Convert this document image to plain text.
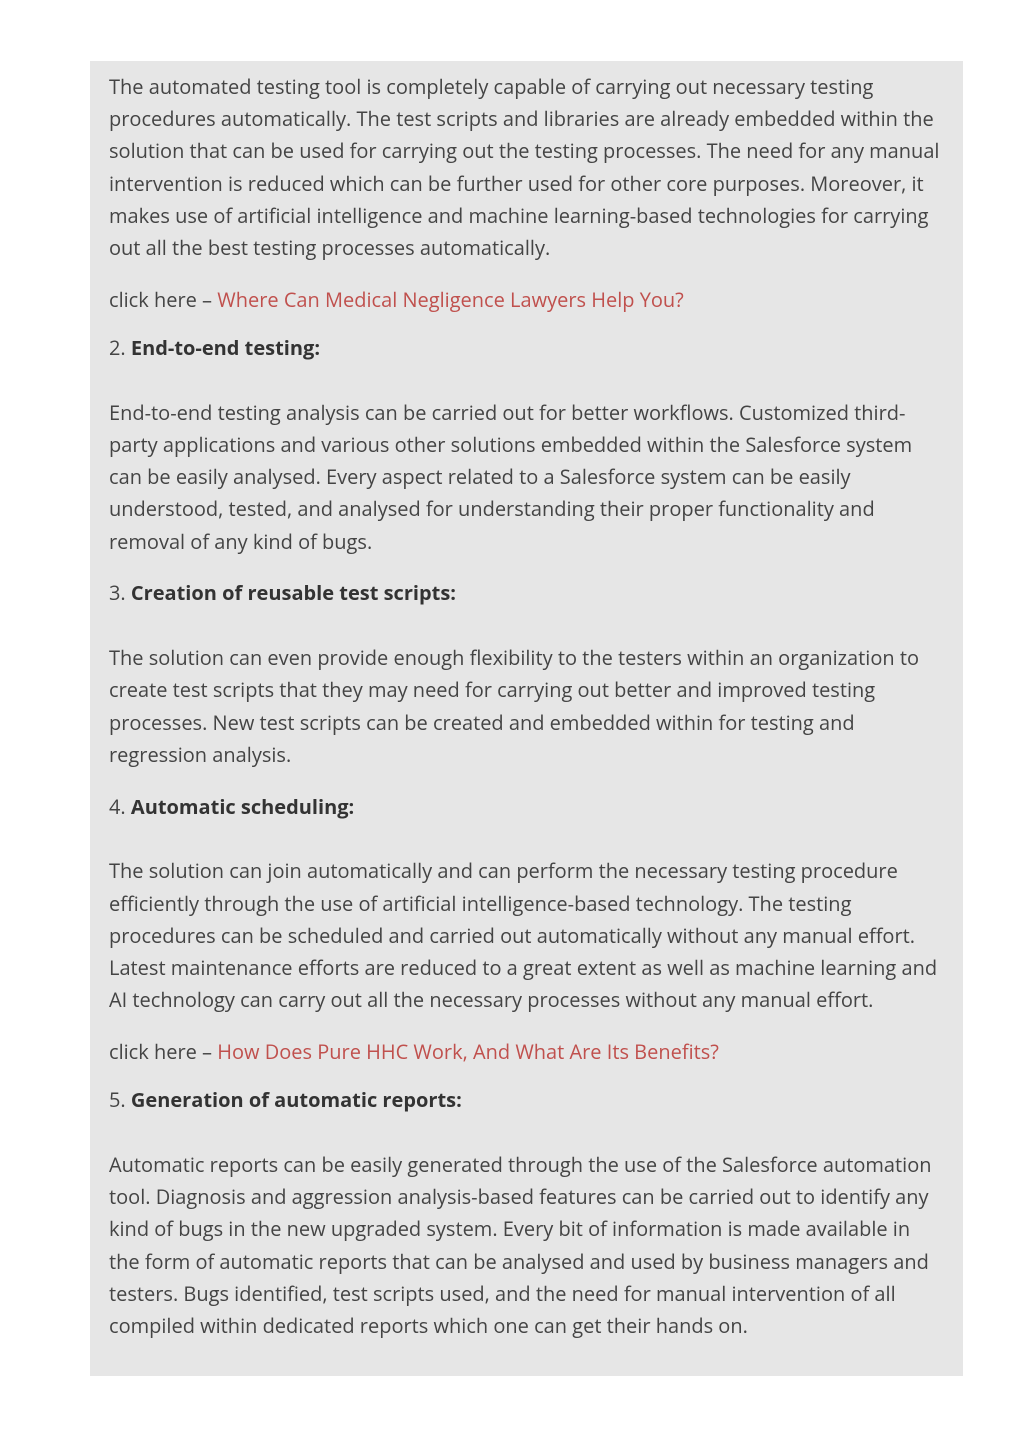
The automated testing tool is completely capable of carrying out necessary testing procedures automatically. The test scripts and libraries are already embedded within the solution that can be used for carrying out the testing processes. The need for any manual intervention is reduced which can be further used for other core purposes. Moreover, it makes use of artificial intelligence and machine learning-based technologies for carrying out all the best testing processes automatically.

click here – Where Can Medical Negligence Lawyers Help You?

2. End-to-end testing:

End-to-end testing analysis can be carried out for better workflows. Customized third-party applications and various other solutions embedded within the Salesforce system can be easily analysed. Every aspect related to a Salesforce system can be easily understood, tested, and analysed for understanding their proper functionality and removal of any kind of bugs.

3. Creation of reusable test scripts:

The solution can even provide enough flexibility to the testers within an organization to create test scripts that they may need for carrying out better and improved testing processes. New test scripts can be created and embedded within for testing and regression analysis.

4. Automatic scheduling:

The solution can join automatically and can perform the necessary testing procedure efficiently through the use of artificial intelligence-based technology. The testing procedures can be scheduled and carried out automatically without any manual effort. Latest maintenance efforts are reduced to a great extent as well as machine learning and AI technology can carry out all the necessary processes without any manual effort.

click here – How Does Pure HHC Work, And What Are Its Benefits?

5. Generation of automatic reports:

Automatic reports can be easily generated through the use of the Salesforce automation tool. Diagnosis and aggression analysis-based features can be carried out to identify any kind of bugs in the new upgraded system. Every bit of information is made available in the form of automatic reports that can be analysed and used by business managers and testers. Bugs identified, test scripts used, and the need for manual intervention of all compiled within dedicated reports which one can get their hands on.
